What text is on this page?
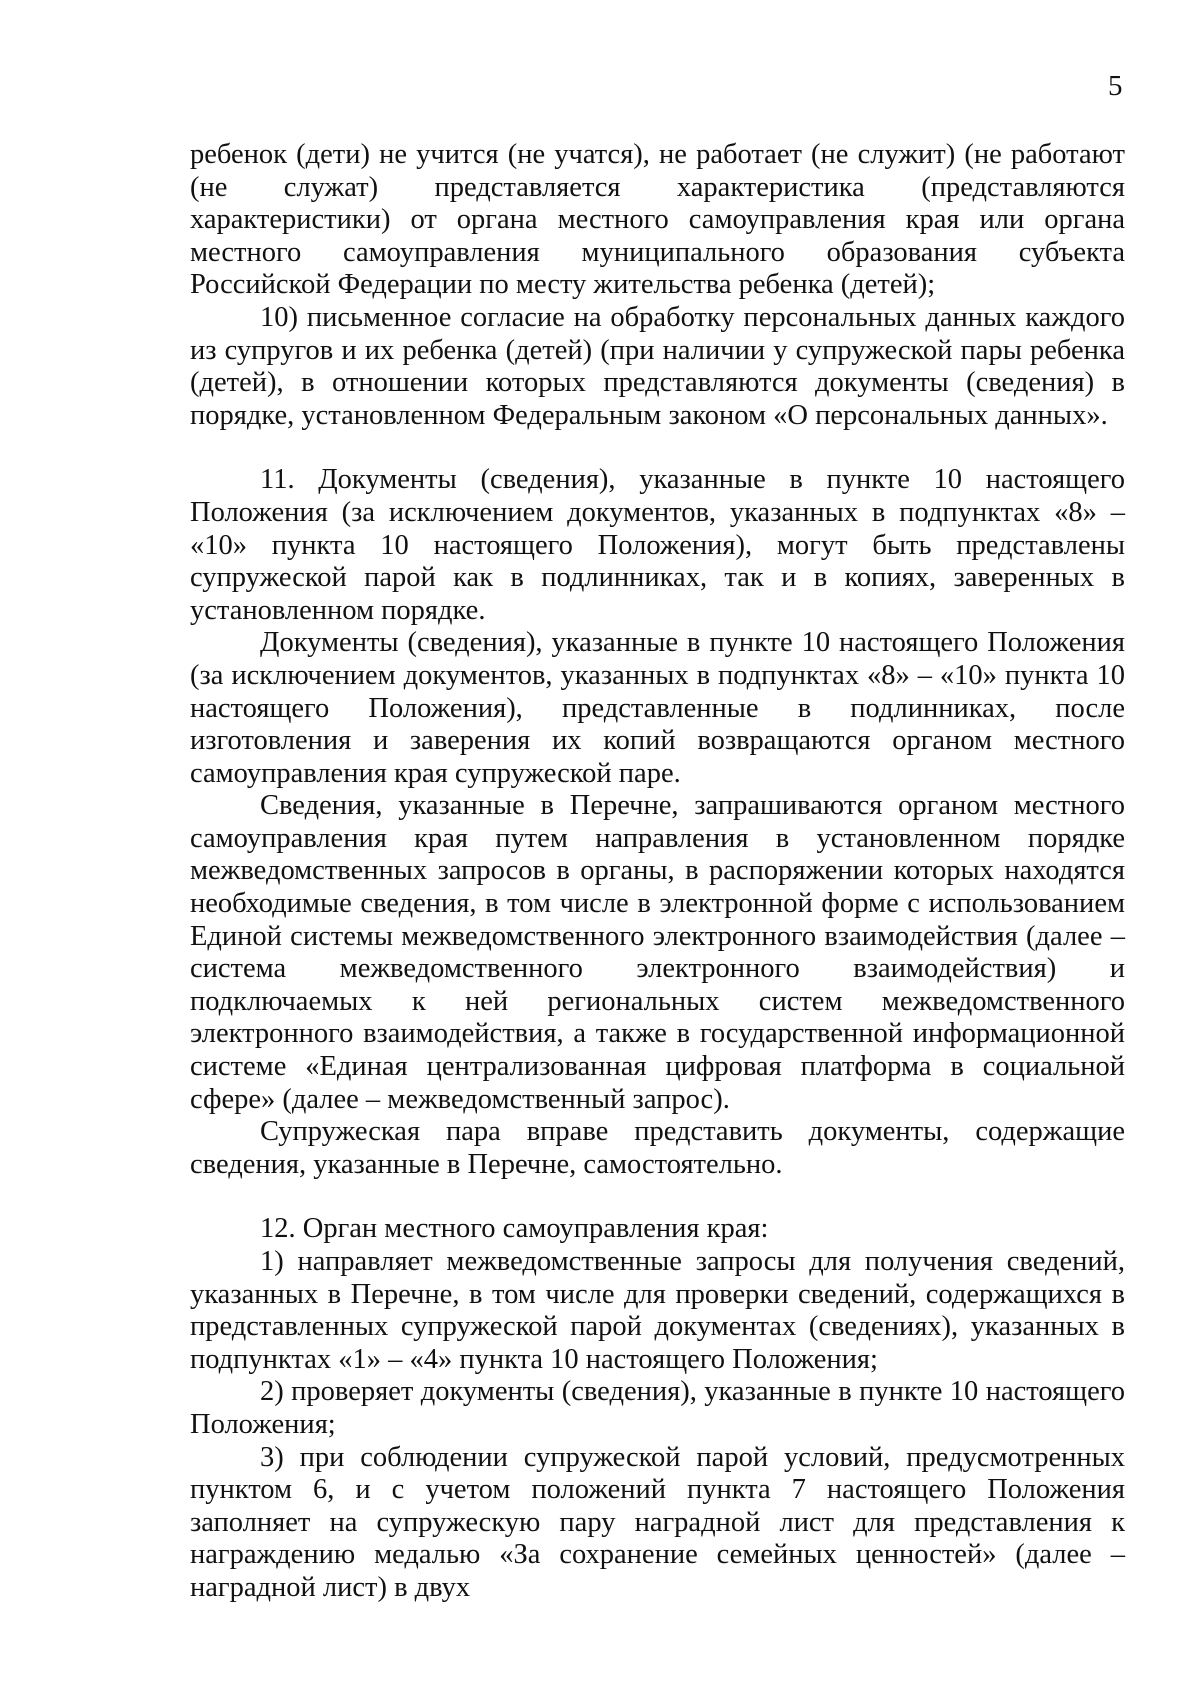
5

ребенок (дети) не учится (не учатся), не работает (не служит) (не работают (не служат) представляется характеристика (представляются характеристики) от органа местного самоуправления края или органа местного самоуправления муниципального образования субъекта Российской Федерации по месту жительства ребенка (детей);

10) письменное согласие на обработку персональных данных каждого из супругов и их ребенка (детей) (при наличии у супружеской пары ребенка (детей), в отношении которых представляются документы (сведения) в порядке, установленном Федеральным законом «О персональных данных».

11. Документы (сведения), указанные в пункте 10 настоящего Положения (за исключением документов, указанных в подпунктах «8» – «10» пункта 10 настоящего Положения), могут быть представлены супружеской парой как в подлинниках, так и в копиях, заверенных в установленном порядке.

Документы (сведения), указанные в пункте 10 настоящего Положения (за исключением документов, указанных в подпунктах «8» – «10» пункта 10 настоящего Положения), представленные в подлинниках, после изготовления и заверения их копий возвращаются органом местного самоуправления края супружеской паре.

Сведения, указанные в Перечне, запрашиваются органом местного самоуправления края путем направления в установленном порядке межведомственных запросов в органы, в распоряжении которых находятся необходимые сведения, в том числе в электронной форме с использованием Единой системы межведомственного электронного взаимодействия (далее – система межведомственного электронного взаимодействия) и подключаемых к ней региональных систем межведомственного электронного взаимодействия, а также в государственной информационной системе «Единая централизованная цифровая платформа в социальной сфере» (далее – межведомственный запрос).

Супружеская пара вправе представить документы, содержащие сведения, указанные в Перечне, самостоятельно.

12. Орган местного самоуправления края:

1) направляет межведомственные запросы для получения сведений, указанных в Перечне, в том числе для проверки сведений, содержащихся в представленных супружеской парой документах (сведениях), указанных в подпунктах «1» – «4» пункта 10 настоящего Положения;

2) проверяет документы (сведения), указанные в пункте 10 настоящего Положения;

3) при соблюдении супружеской парой условий, предусмотренных пунктом 6, и с учетом положений пункта 7 настоящего Положения заполняет на супружескую пару наградной лист для представления к награждению медалью «За сохранение семейных ценностей» (далее – наградной лист) в двух
